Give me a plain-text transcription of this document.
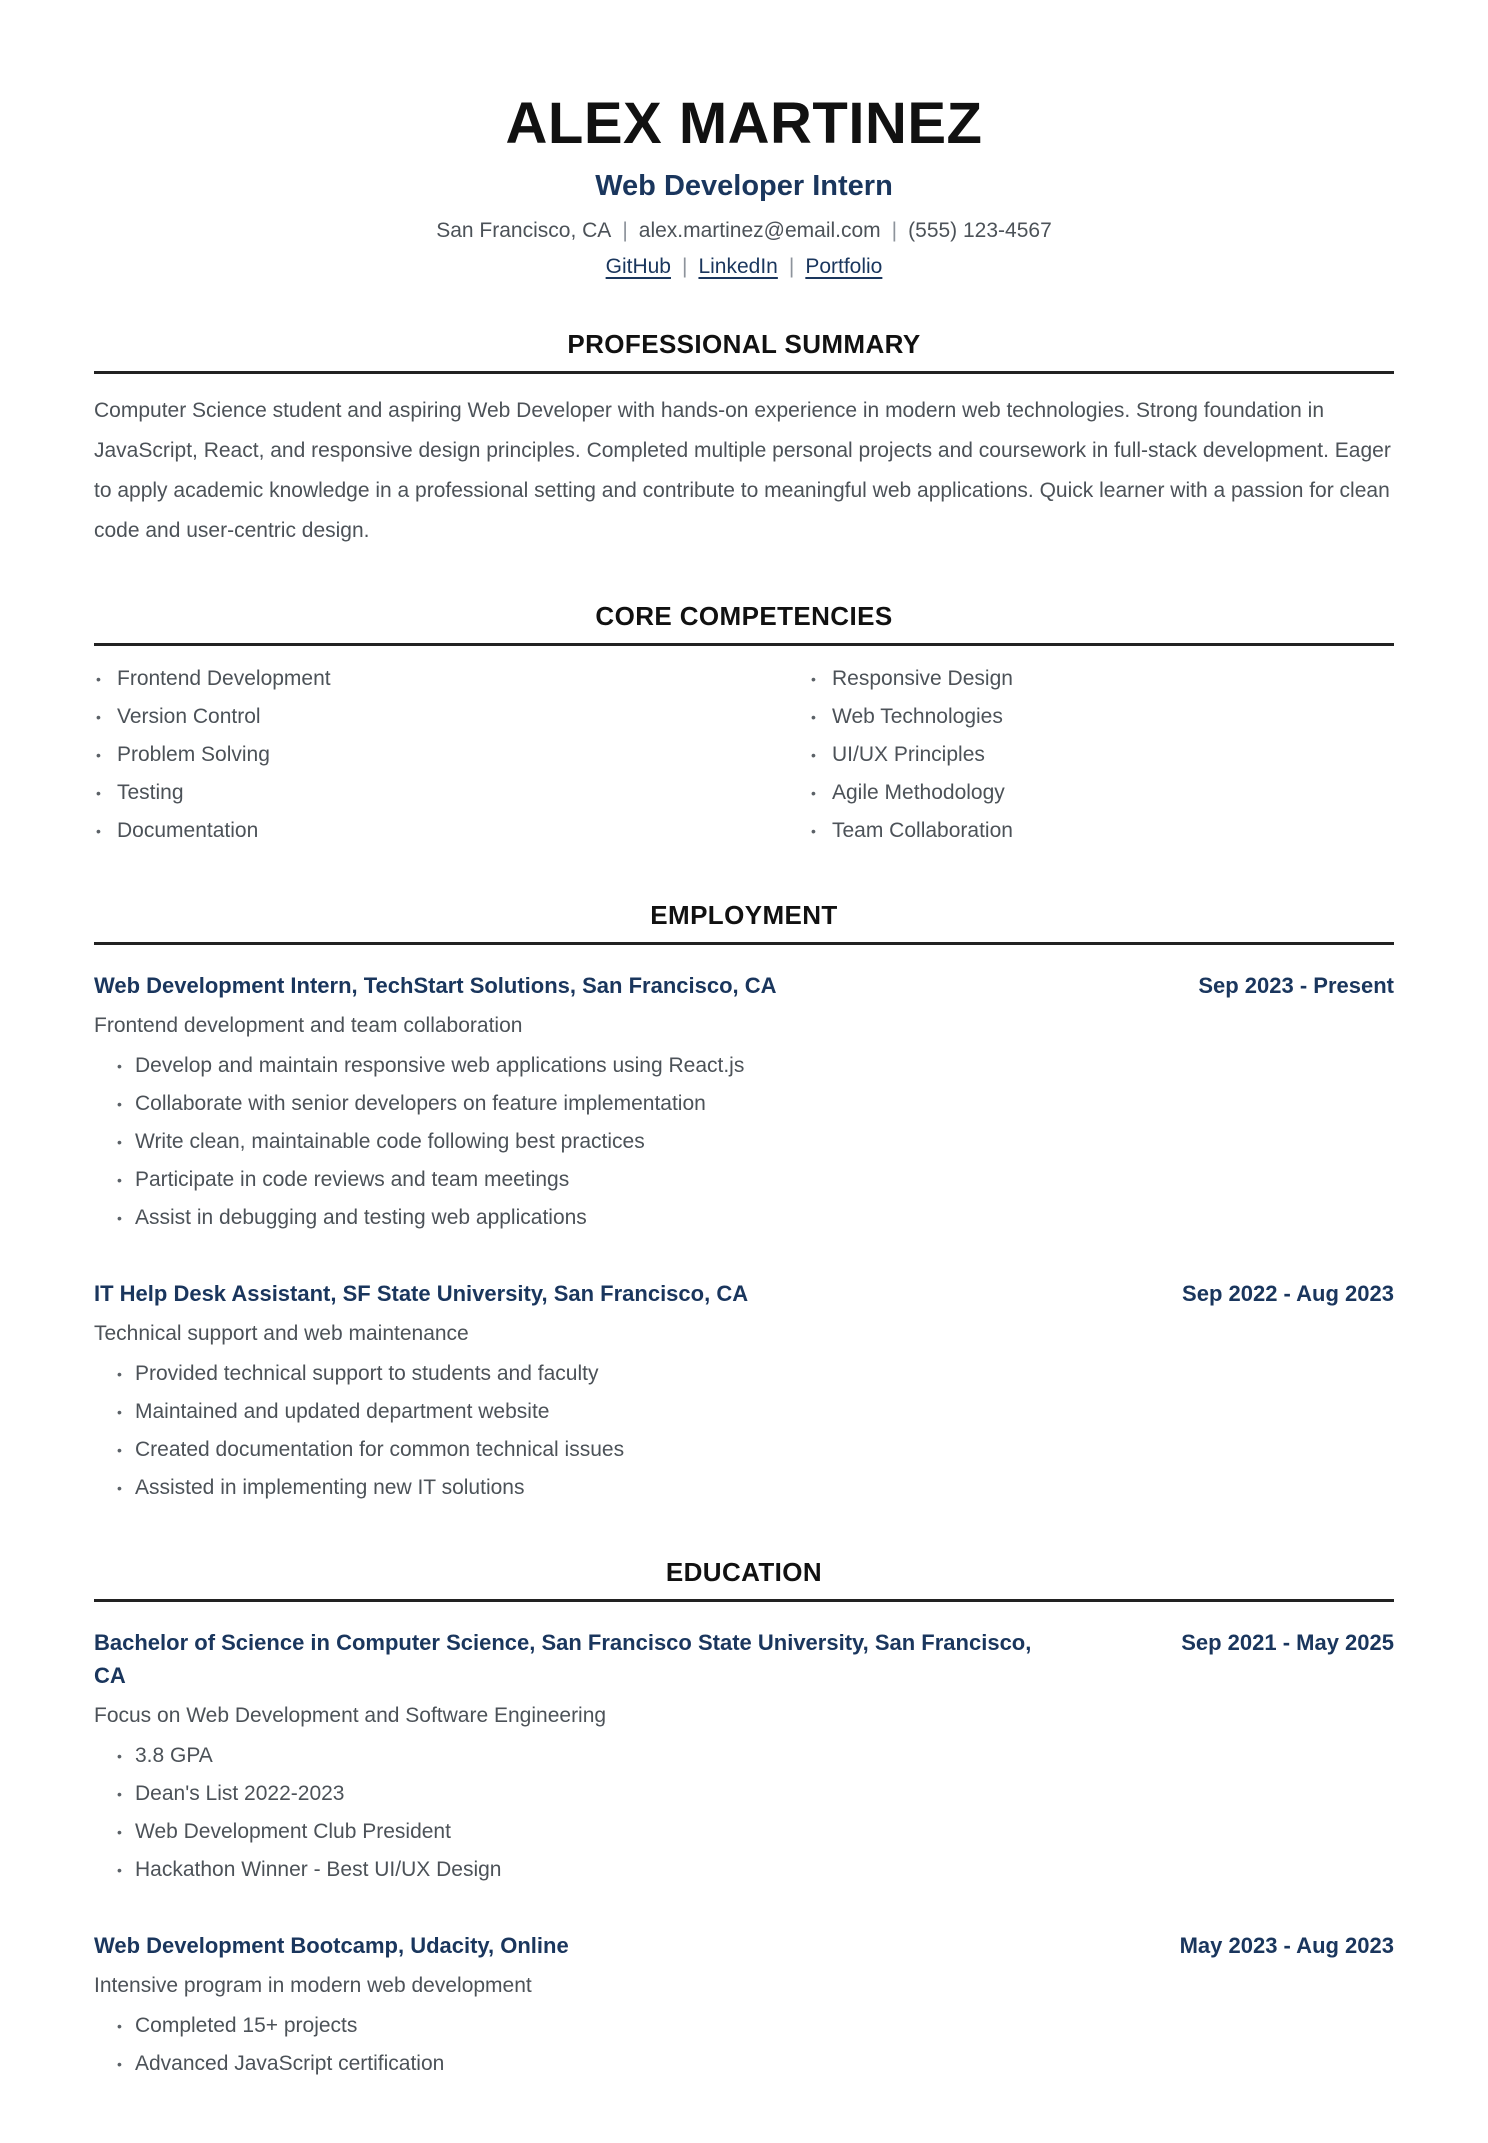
ALEX MARTINEZ
Web Developer Intern
San Francisco, CA | alex.martinez@email.com | (555) 123-4567
GitHub | LinkedIn | Portfolio
PROFESSIONAL SUMMARY

Computer Science student and aspiring Web Developer with hands-on experience in modern web technologies. Strong foundation in JavaScript, React, and responsive design principles. Completed multiple personal projects and coursework in full-stack development. Eager to apply academic knowledge in a professional setting and contribute to meaningful web applications. Quick learner with a passion for clean code and user-centric design.

CORE COMPETENCIES
• Frontend Development
• Version Control
• Problem Solving
• Testing
• Documentation
• Responsive Design
• Web Technologies
• UI/UX Principles
• Agile Methodology
• Team Collaboration
EMPLOYMENT
Web Development Intern, TechStart Solutions, San Francisco, CA	Sep 2023 - Present
Frontend development and team collaboration
• Develop and maintain responsive web applications using React.js
• Collaborate with senior developers on feature implementation
• Write clean, maintainable code following best practices
• Participate in code reviews and team meetings
• Assist in debugging and testing web applications
IT Help Desk Assistant, SF State University, San Francisco, CA	Sep 2022 - Aug 2023
Technical support and web maintenance
• Provided technical support to students and faculty
• Maintained and updated department website
• Created documentation for common technical issues
• Assisted in implementing new IT solutions
EDUCATION
Bachelor of Science in Computer Science, San Francisco State University, San Francisco, CA
Sep 2021 - May 2025
Focus on Web Development and Software Engineering
• 3.8 GPA
• Dean's List 2022-2023
• Web Development Club President
• Hackathon Winner - Best UI/UX Design
Web Development Bootcamp, Udacity, Online	May 2023 - Aug 2023
Intensive program in modern web development
• Completed 15+ projects
• Advanced JavaScript certification
